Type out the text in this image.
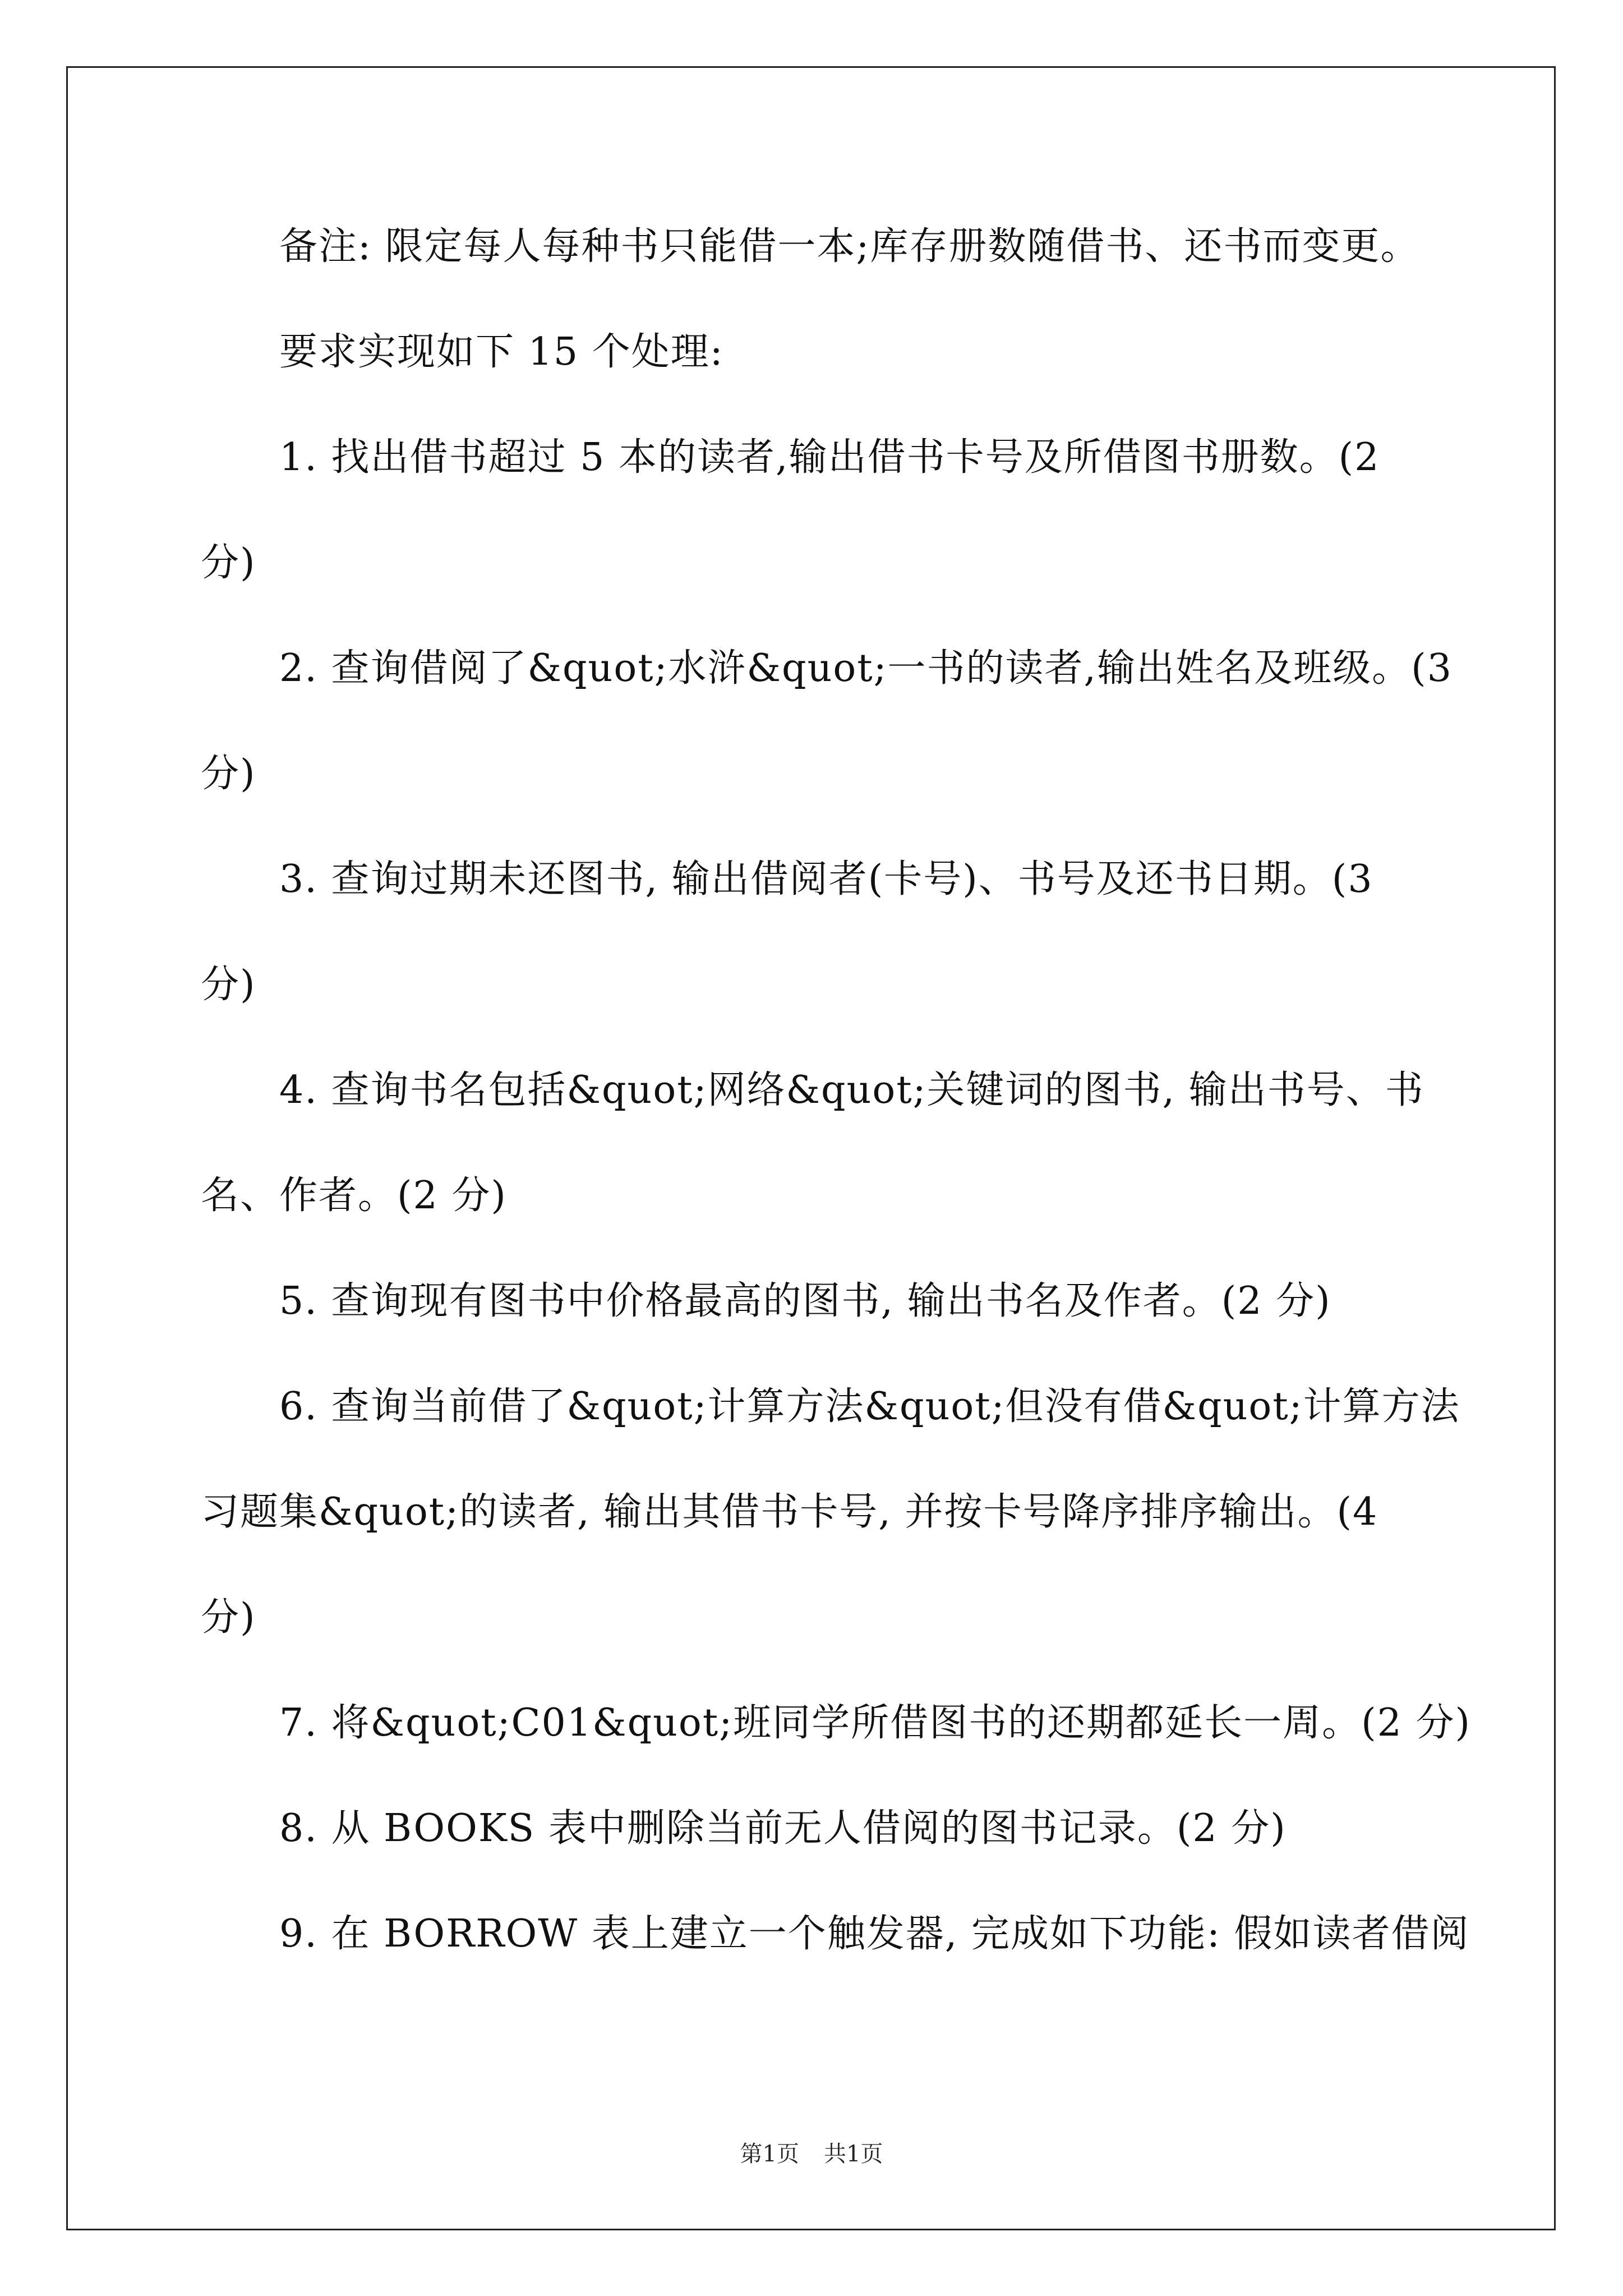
备注: 限定每人每种书只能借一本;库存册数随借书、还书而变更。
要求实现如下 15 个处理:
1. 找出借书超过 5 本的读者,输出借书卡号及所借图书册数。(2
分)
2. 查询借阅了&quot;水浒&quot;一书的读者,输出姓名及班级。(3
分)
3. 查询过期未还图书, 输出借阅者(卡号)、书号及还书日期。(3
分)
4. 查询书名包括&quot;网络&quot;关键词的图书, 输出书号、书
名、作者。(2 分)
5. 查询现有图书中价格最高的图书, 输出书名及作者。(2 分)
6. 查询当前借了&quot;计算方法&quot;但没有借&quot;计算方法
习题集&quot;的读者, 输出其借书卡号, 并按卡号降序排序输出。(4
分)
7. 将&quot;C01&quot;班同学所借图书的还期都延长一周。(2 分)
8. 从 BOOKS 表中删除当前无人借阅的图书记录。(2 分)
9. 在 BORROW 表上建立一个触发器, 完成如下功能: 假如读者借阅
第1页 共1页
